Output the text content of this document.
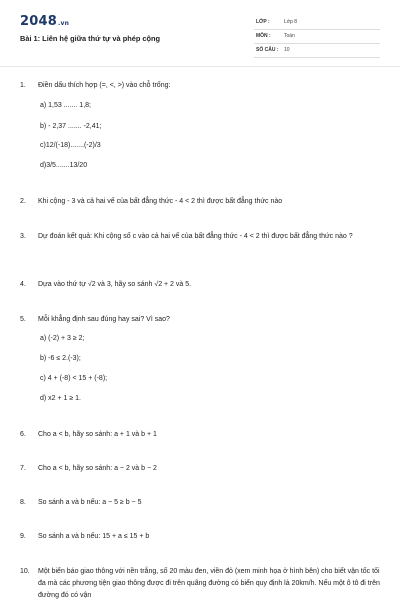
2048.vn
Bài 1: Liên hệ giữa thứ tự và phép cộng
LỚP :	Lớp 8
MÔN :	Toán
SỐ CÂU : 10
1.	Điền dấu thích hợp (=, <, >) vào chỗ trống:
a) 1,53 ....... 1,8;
b) - 2,37 ....... -2,41;
c)12/(-18).......(-2)/3
d)3/5.......13/20
2.	Khi cộng - 3 và cả hai vế của bất đẳng thức - 4 < 2 thì được bất đẳng thức nào
3.	Dự đoán kết quả: Khi cộng số c vào cả hai vế của bất đẳng thức - 4 < 2 thì được bất đẳng thức nào ?
4.	Dựa vào thứ tự √2 và 3, hãy so sánh √2 + 2 và 5.
5.	Mỗi khẳng định sau đúng hay sai? Vì sao?
a) (-2) + 3 ≥ 2;
b) -6 ≤ 2.(-3);
c) 4 + (-8) < 15 + (-8);
d) x2 + 1 ≥ 1.
6.	Cho a < b, hãy so sánh: a + 1 và b + 1
7.	Cho a < b, hãy so sánh: a − 2 và b − 2
8.	So sánh a và b nếu: a − 5 ≥ b − 5
9.	So sánh a và b nếu: 15 + a ≤ 15 + b
10.	Một biển báo giao thông với nền trắng, số 20 màu đen, viền đỏ (xem minh họa ở hình bên) cho biết vận tốc tối đa mà các phương tiện giao thông được đi trên quãng đường có biển quy định là 20km/h. Nếu một ô tô đi trên đường đó có vận
